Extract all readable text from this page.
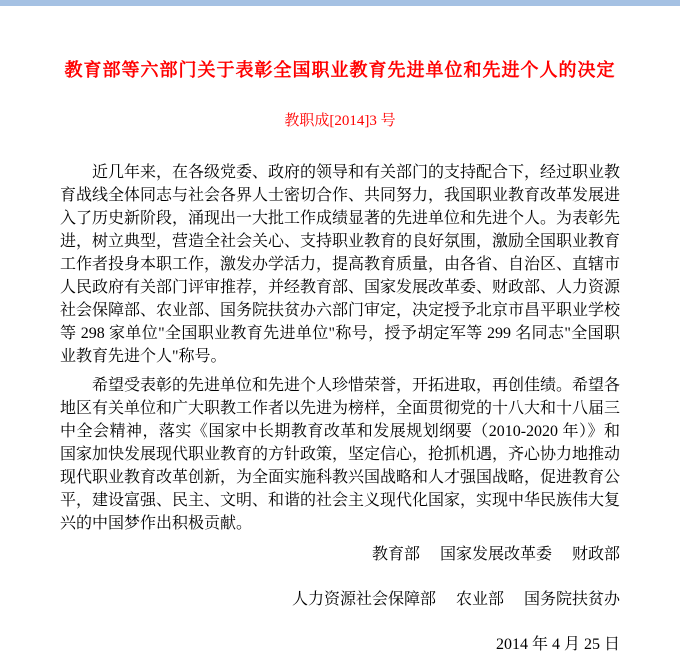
教育部等六部门关于表彰全国职业教育先进单位和先进个人的决定
教职成[2014]3 号

近几年来，在各级党委、政府的领导和有关部门的支持配合下，经过职业教育战线全体同志与社会各界人士密切合作、共同努力，我国职业教育改革发展进入了历史新阶段，涌现出一大批工作成绩显著的先进单位和先进个人。为表彰先进，树立典型，营造全社会关心、支持职业教育的良好氛围，激励全国职业教育工作者投身本职工作，激发办学活力，提高教育质量，由各省、自治区、直辖市人民政府有关部门评审推荐，并经教育部、国家发展改革委、财政部、人力资源社会保障部、农业部、国务院扶贫办六部门审定，决定授予北京市昌平职业学校等 298 家单位"全国职业教育先进单位"称号，授予胡定军等 299 名同志"全国职业教育先进个人"称号。

希望受表彰的先进单位和先进个人珍惜荣誉，开拓进取，再创佳绩。希望各地区有关单位和广大职教工作者以先进为榜样，全面贯彻党的十八大和十八届三中全会精神，落实《国家中长期教育改革和发展规划纲要（2010-2020 年）》和国家加快发展现代职业教育的方针政策，坚定信心，抢抓机遇，齐心协力地推动现代职业教育改革创新，为全面实施科教兴国战略和人才强国战略，促进教育公平，建设富强、民主、文明、和谐的社会主义现代化国家，实现中华民族伟大复兴的中国梦作出积极贡献。

教育部　 国家发展改革委　 财政部
人力资源社会保障部　 农业部　 国务院扶贫办
2014 年 4 月 25 日
